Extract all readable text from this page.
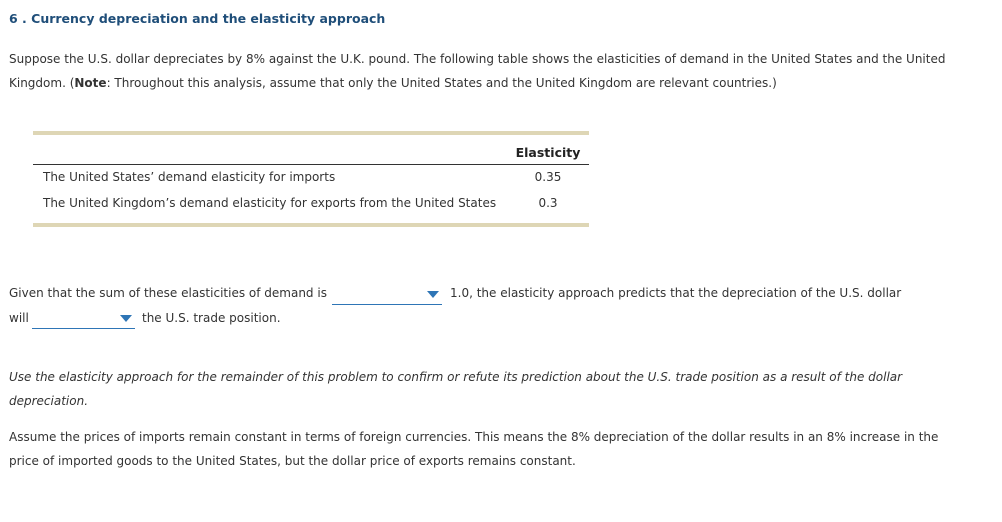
6 . Currency depreciation and the elasticity approach

Suppose the U.S. dollar depreciates by 8% against the U.K. pound. The following table shows the elasticities of demand in the United States and the United Kingdom. (Note: Throughout this analysis, assume that only the United States and the United Kingdom are relevant countries.)

Elasticity
The United States’ demand elasticity for imports	0.35
The United Kingdom’s demand elasticity for exports from the United States	0.3
Given that the sum of these elasticities of demand is	1.0, the elasticity approach predicts that the depreciation of the U.S. dollar
will	the U.S. trade position.

Use the elasticity approach for the remainder of this problem to confirm or refute its prediction about the U.S. trade position as a result of the dollar depreciation.

Assume the prices of imports remain constant in terms of foreign currencies. This means the 8% depreciation of the dollar results in an 8% increase in the price of imported goods to the United States, but the dollar price of exports remains constant.
